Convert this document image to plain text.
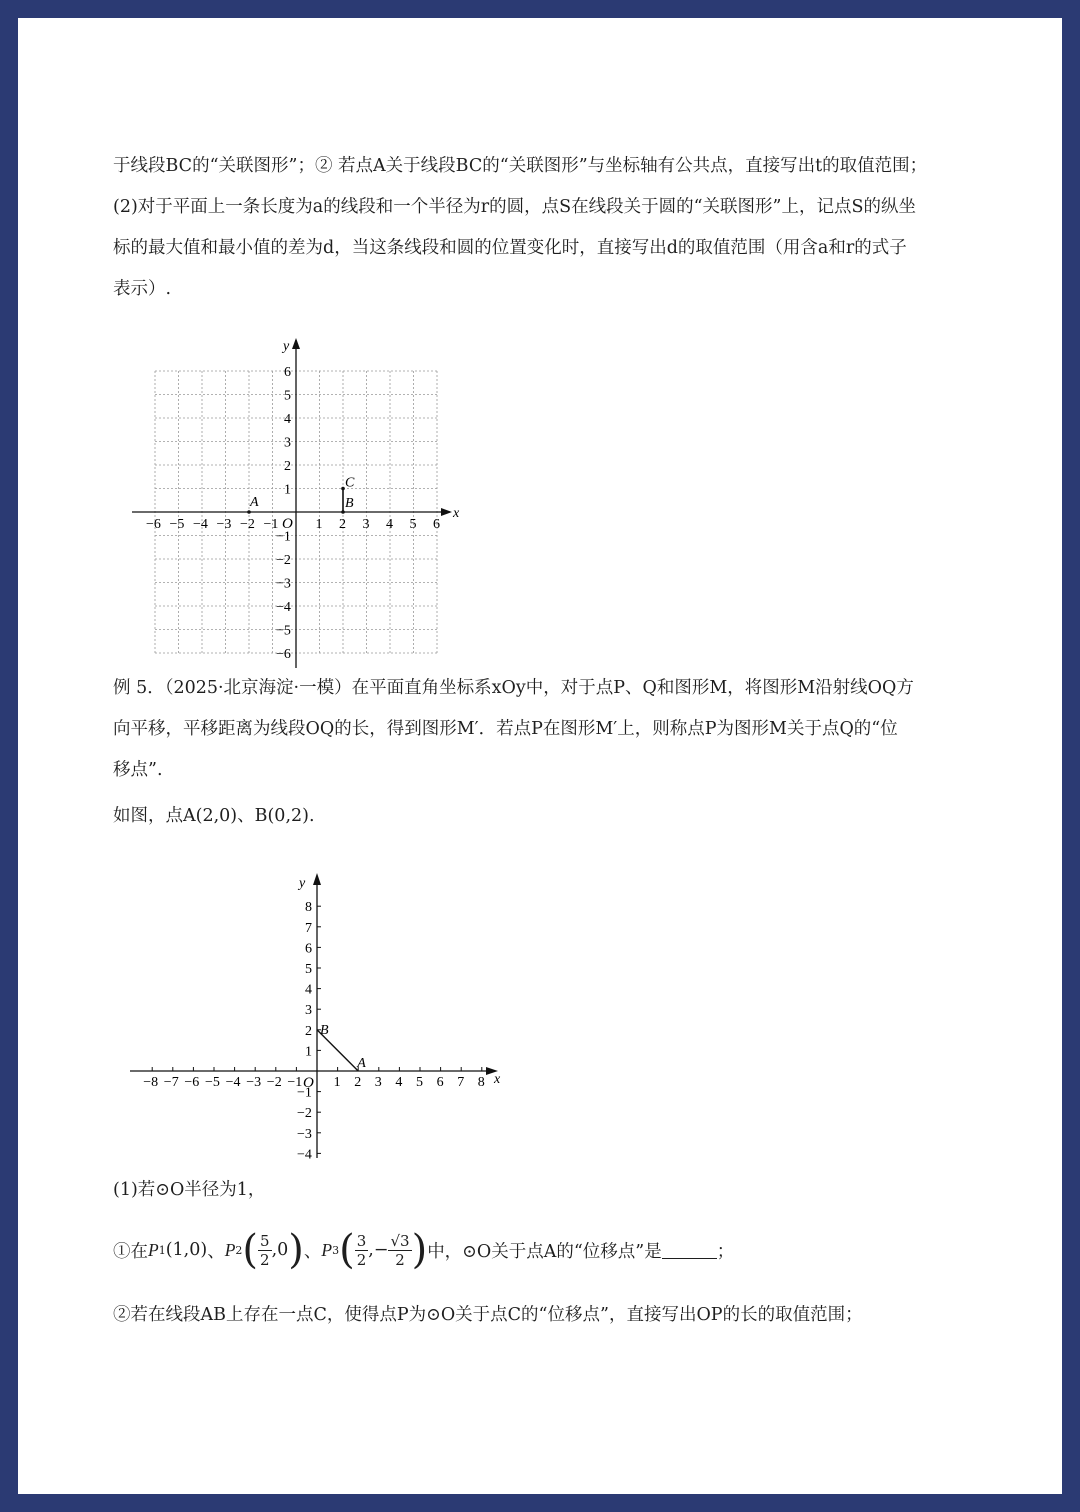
于线段BC的“关联图形”；② 若点A关于线段BC的“关联图形”与坐标轴有公共点，直接写出t的取值范围；

(2)对于平面上一条长度为a的线段和一个半径为r的圆，点S在线段关于圆的“关联图形”上，记点S的纵坐

标的最大值和最小值的差为d，当这条线段和圆的位置变化时，直接写出d的取值范围（用含a和r的式子

表示）.

x
y
O
−6 −5 −4 −3 −2 −1	1 2 3 4 5 6
1
2
3
4
5
6
−1
−2
−3
−4
−5
−6
A	B
C

例 5．（2025·北京海淀·一模）在平面直角坐标系xOy中，对于点P、Q和图形M，将图形M沿射线OQ方

向平移，平移距离为线段OQ的长，得到图形M′．若点P在图形M′上，则称点P为图形M关于点Q的“位

移点”.

如图，点A(2,0)、B(0,2).

x
y
O
−8 −7 −6 −5 −4 −3 −2 −1 1 2 3 4 5 6 7 8
1
2
3
4
5
6
7
8
−1
−2
−3
−4
A
B

(1)若⊙O半径为1，

①在 P 1 (1,0) 、 P 2 ( $\frac{5}{2} ,0$ ) 、 P 3 ( $\frac{3}{2}$ ,− $\frac{√3}{2}$ ) 中，⊙O关于点A的“位移点”是	；

②若在线段AB上存在一点C，使得点P为⊙O关于点C的“位移点”，直接写出OP的长的取值范围；
